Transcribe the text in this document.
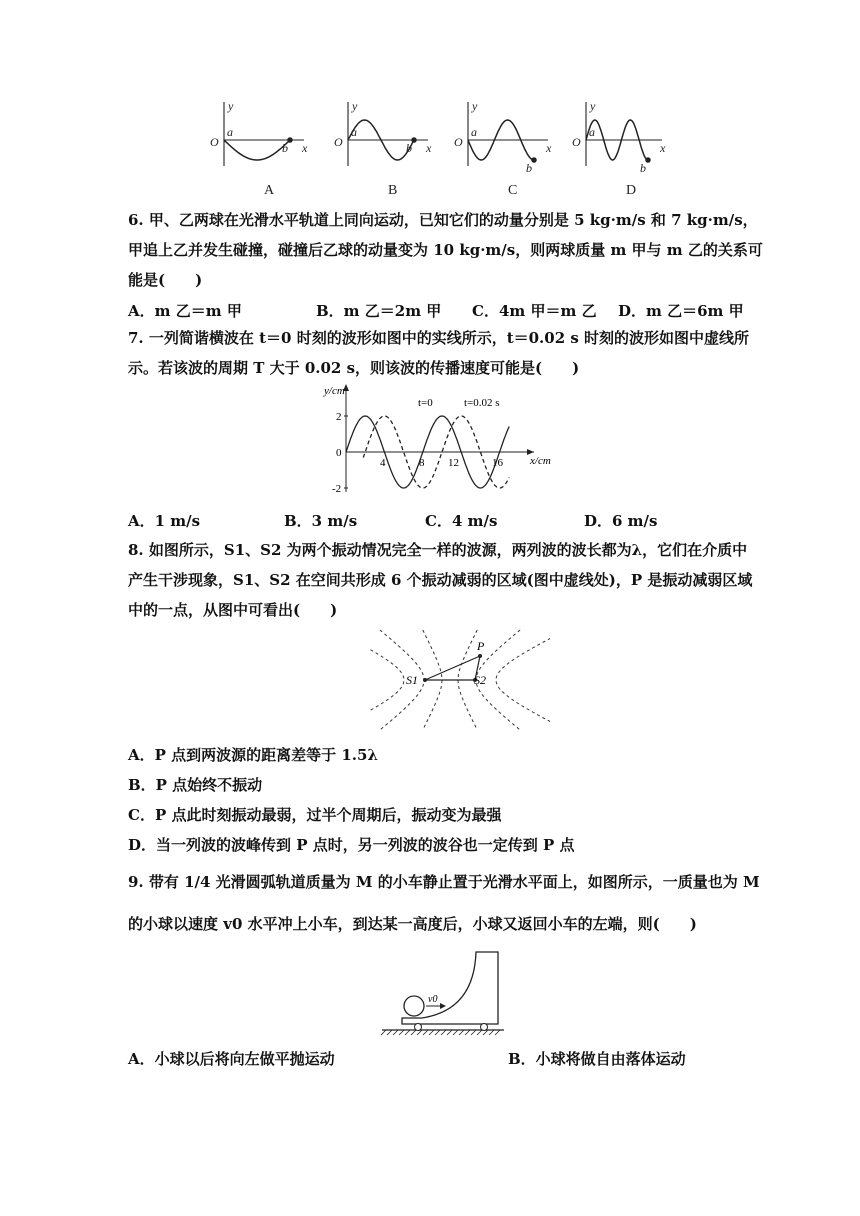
y
x
O
a
b
A
y
x
O
a
b
B
y
x
O
a
b
C
y
x
O
a
b
D
6. 甲、乙两球在光滑水平轨道上同向运动，已知它们的动量分别是 5 kg·m/s 和 7 kg·m/s，
甲追上乙并发生碰撞，碰撞后乙球的动量变为 10 kg·m/s，则两球质量 m 甲与 m 乙的关系可
能是(　　)
A．m 乙＝m 甲	B．m 乙＝2m 甲 C．4m 甲＝m 乙 D．m 乙＝6m 甲
7. 一列简谐横波在 t＝0 时刻的波形如图中的实线所示，t＝0.02 s 时刻的波形如图中虚线所
示。若该波的周期 T 大于 0.02 s，则该波的传播速度可能是(　　)
y/cm
x/cm
t=0	t=0.02 s
2
0
-2
4	8 12	16
A．1 m/s	B．3 m/s	C．4 m/s	D．6 m/s
8. 如图所示，S1、S2 为两个振动情况完全一样的波源，两列波的波长都为λ，它们在介质中
产生干涉现象，S1、S2 在空间共形成 6 个振动减弱的区域(图中虚线处)，P 是振动减弱区域
中的一点，从图中可看出(　　)
P
S1	S2
A．P 点到两波源的距离差等于 1.5λ
B．P 点始终不振动
C．P 点此时刻振动最弱，过半个周期后，振动变为最强
D．当一列波的波峰传到 P 点时，另一列波的波谷也一定传到 P 点
9. 带有 1/4 光滑圆弧轨道质量为 M 的小车静止置于光滑水平面上，如图所示，一质量也为 M
的小球以速度 v0 水平冲上小车，到达某一高度后，小球又返回小车的左端，则(　　)
v0
A．小球以后将向左做平抛运动	B．小球将做自由落体运动
